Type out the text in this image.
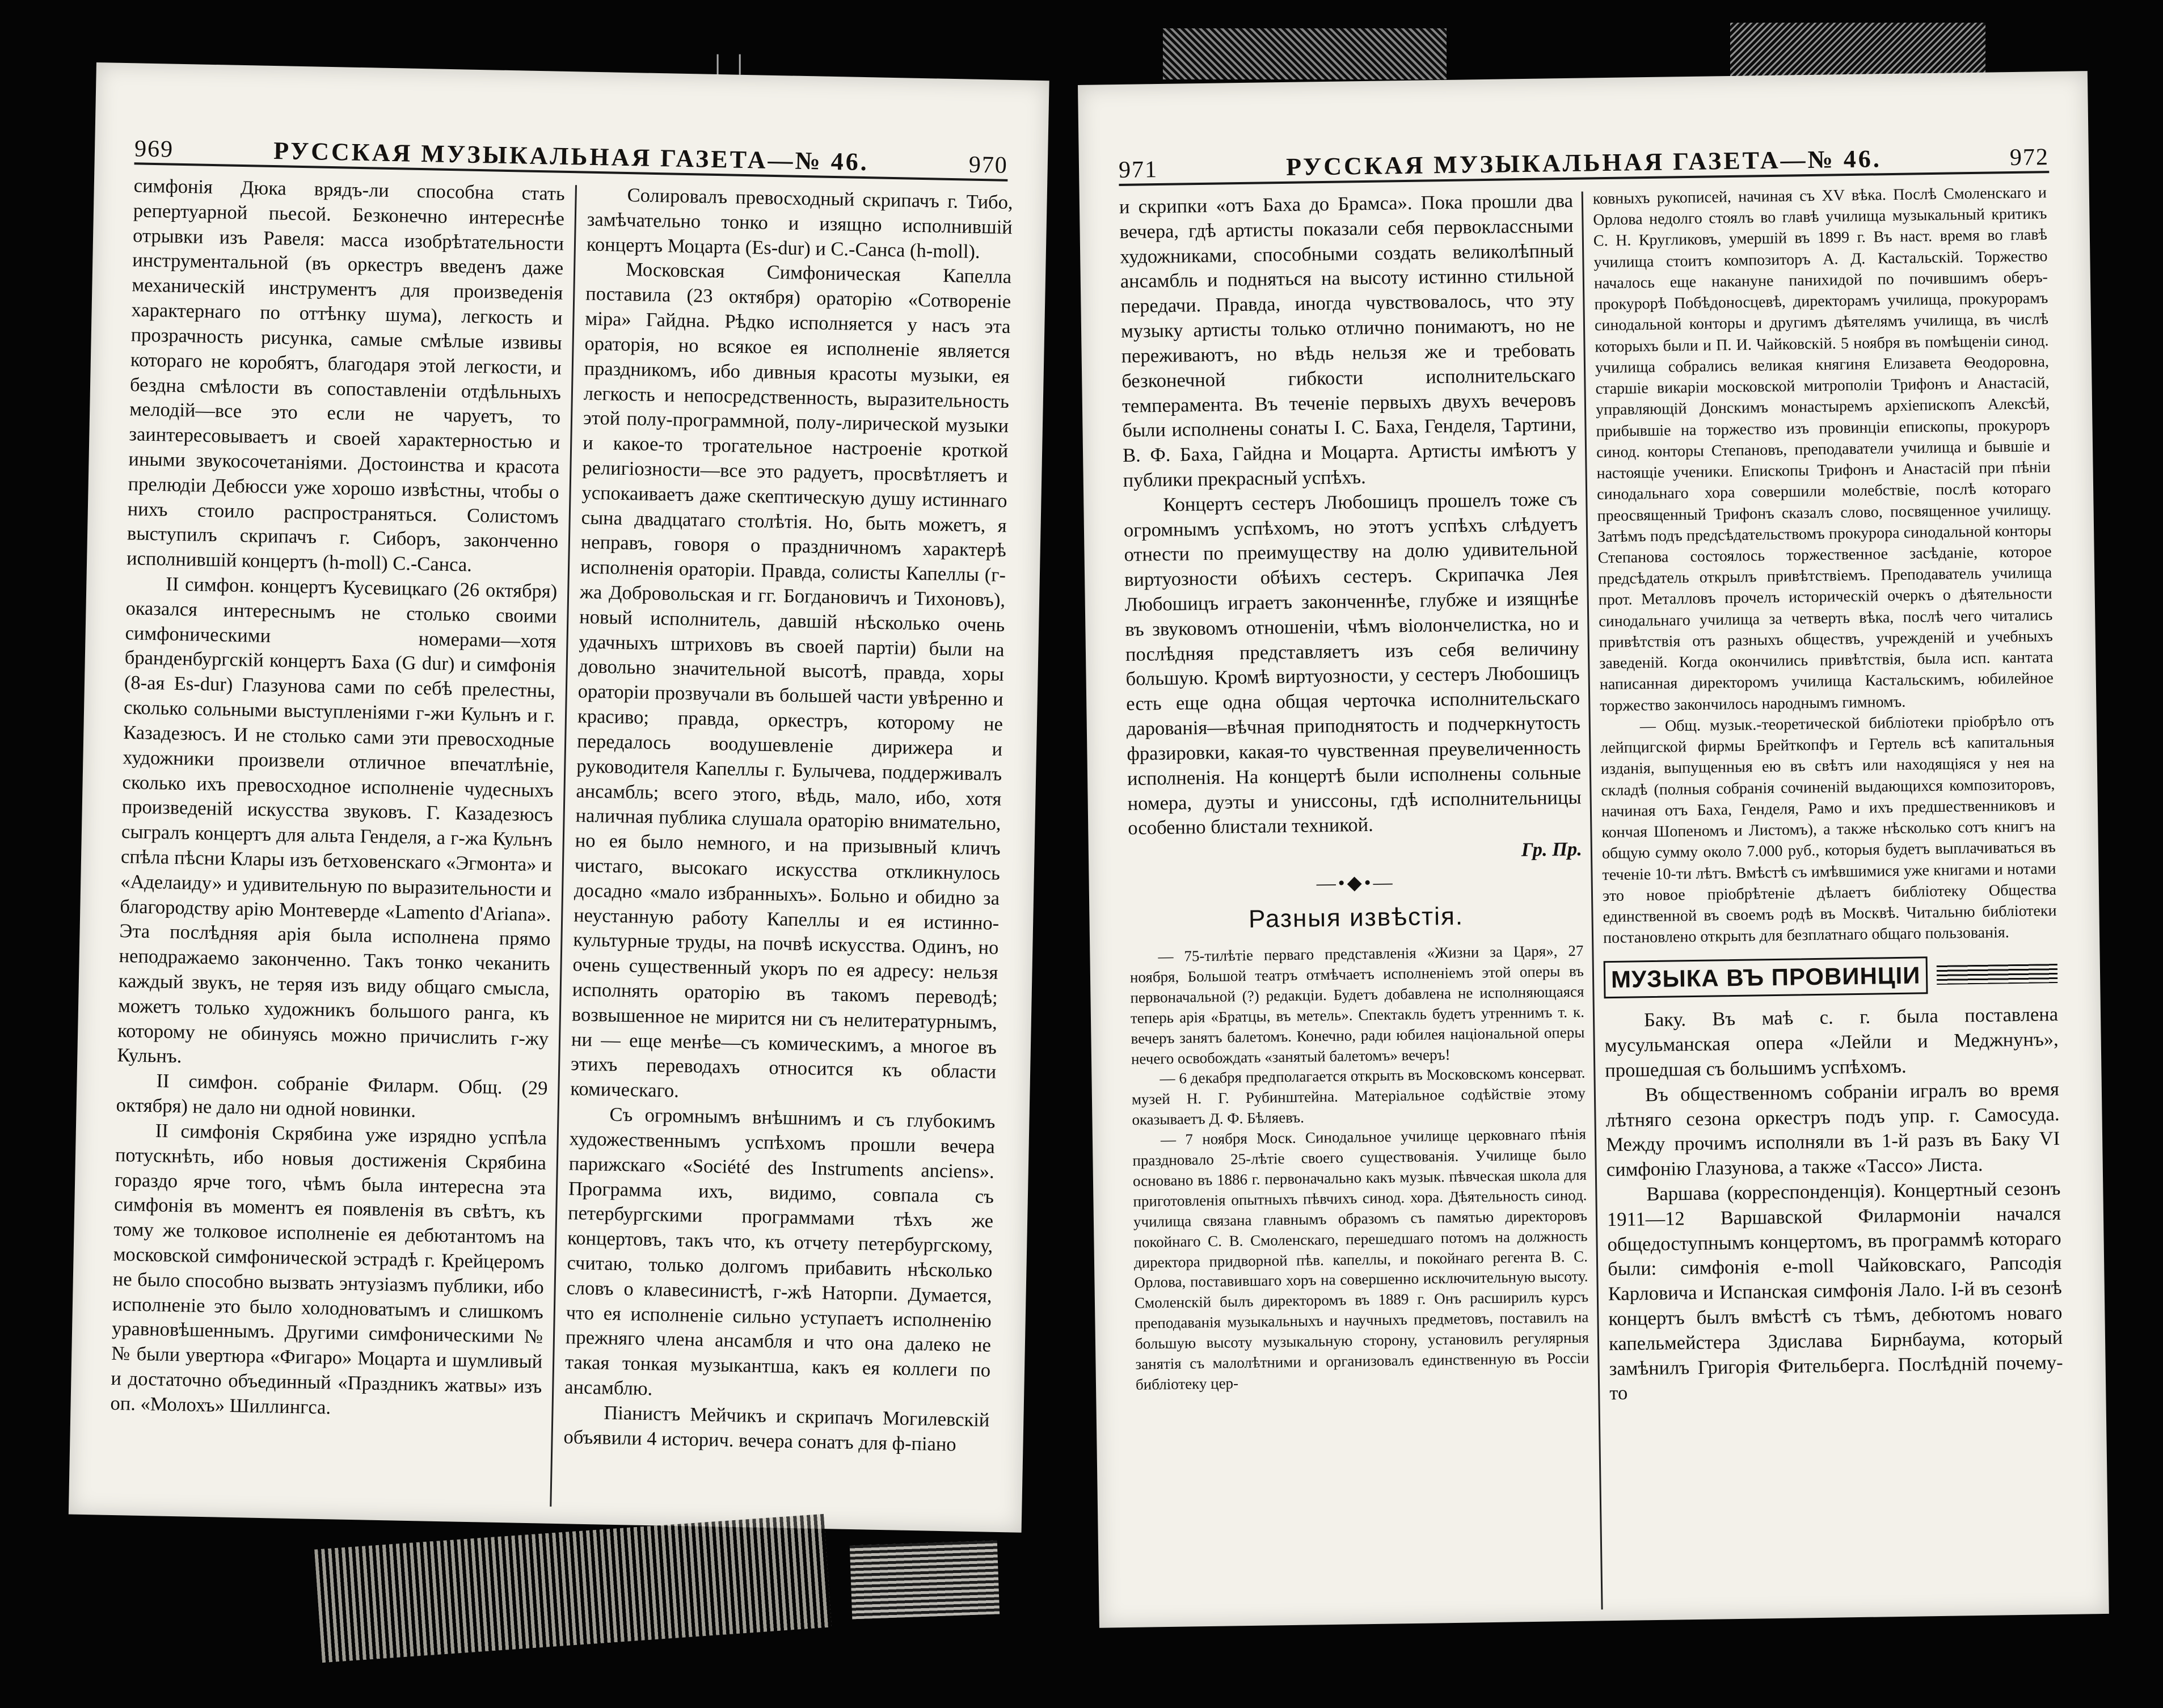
❘ ❘
969	РУССКАЯ МУЗЫКАЛЬНАЯ ГАЗЕТА—№ 46.	970

симфонія Дюка врядъ-ли способна стать репертуарной пьесой. Безконечно интереснѣе отрывки изъ Равеля: масса изобрѣтательности инструментальной (въ оркестръ введенъ даже механическій инструментъ для произведенія характернаго по оттѣнку шума), легкость и прозрачность рисунка, самые смѣлые извивы котораго не коробятъ, благодаря этой легкости, и бездна смѣлости въ сопоставленіи отдѣльныхъ мелодій—все это если не чаруетъ, то заинтересовываетъ и своей характерностью и иными звукосочетаніями. Достоинства и красота прелюдіи Дебюсси уже хорошо извѣстны, чтобы о нихъ стоило распространяться. Солистомъ выступилъ скрипачъ г. Сиборъ, законченно исполнившій концертъ (h-moll) С.-Санса.

II симфон. концертъ Кусевицкаго (26 октября) оказался интереснымъ не столько своими симфоническими номерами—хотя бранденбургскій концертъ Баха (G dur) и симфонія (8-ая Es-dur) Глазунова сами по себѣ прелестны, сколько сольными выступленіями г-жи Кульнъ и г. Казадезюсъ. И не столько сами эти превосходные художники произвели отличное впечатлѣніе, сколько ихъ превосходное исполненіе чудесныхъ произведеній искусства звуковъ. Г. Казадезюсъ сыгралъ концертъ для альта Генделя, а г-жа Кульнъ спѣла пѣсни Клары изъ бетховенскаго «Эгмонта» и «Аделаиду» и удивительную по выразительности и благородству арію Монтеверде «Lamento d'Ariana». Эта послѣдняя арія была исполнена прямо неподражаемо законченно. Такъ тонко чеканить каждый звукъ, не теряя изъ виду общаго смысла, можетъ только художникъ большого ранга, къ которому не обинуясь можно причислить г-жу Кульнъ.

II симфон. собраніе Филарм. Общ. (29 октября) не дало ни одной новинки.

II симфонія Скрябина уже изрядно успѣла потускнѣть, ибо новыя достиженія Скрябина гораздо ярче того, чѣмъ была интересна эта симфонія въ моментъ ея появленія въ свѣтъ, къ тому же толковое исполненіе ея дебютантомъ на московской симфонической эстрадѣ г. Крейцеромъ не было способно вызвать энтузіазмъ публики, ибо исполненіе это было холодноватымъ и слишкомъ уравновѣшеннымъ. Другими симфоническими №№ были увертюра «Фигаро» Моцарта и шумливый и достаточно объединный «Праздникъ жатвы» изъ оп. «Молохъ» Шиллингса.

Солировалъ превосходный скрипачъ г. Тибо, замѣчательно тонко и изящно исполнившій концертъ Моцарта (Es-dur) и С.-Санса (h-moll).

Московская Симфоническая Капелла поставила (23 октября) ораторію «Сотвореніе міра» Гайдна. Рѣдко исполняется у насъ эта ораторія, но всякое ея исполненіе является праздникомъ, ибо дивныя красоты музыки, ея легкость и непосредственность, выразительность этой полу-программной, полу-лирической музыки и какое-то трогательное настроеніе кроткой религіозности—все это радуетъ, просвѣтляетъ и успокаиваетъ даже скептическую душу истиннаго сына двадцатаго столѣтія. Но, быть можетъ, я неправъ, говоря о праздничномъ характерѣ исполненія ораторіи. Правда, солисты Капеллы (г-жа Добровольская и гг. Богдановичъ и Тихоновъ), новый исполнитель, давшій нѣсколько очень удачныхъ штриховъ въ своей партіи) были на довольно значительной высотѣ, правда, хоры ораторіи прозвучали въ большей части увѣренно и красиво; правда, оркестръ, которому не передалось воодушевленіе дирижера и руководителя Капеллы г. Булычева, поддерживалъ ансамбль; всего этого, вѣдь, мало, ибо, хотя наличная публика слушала ораторію внимательно, но ея было немного, и на призывный кличъ чистаго, высокаго искусства откликнулось досадно «мало избранныхъ». Больно и обидно за неустанную работу Капеллы и ея истинно-культурные труды, на почвѣ искусства. Одинъ, но очень существенный укоръ по ея адресу: нельзя исполнять ораторію въ такомъ переводѣ; возвышенное не мирится ни съ нелитературнымъ, ни — еще менѣе—съ комическимъ, а многое въ этихъ переводахъ относится къ области комическаго.

Съ огромнымъ внѣшнимъ и съ глубокимъ художественнымъ успѣхомъ прошли вечера парижскаго «Société des Instruments anciens». Программа ихъ, видимо, совпала съ петербургскими программами тѣхъ же концертовъ, такъ что, къ отчету петербургскому, считаю, только долгомъ прибавить нѣсколько словъ о клавесинистѣ, г-жѣ Наторпи. Думается, что ея исполненіе сильно уступаетъ исполненію прежняго члена ансамбля и что она далеко не такая тонкая музыкантша, какъ ея коллеги по ансамблю.

Піанистъ Мейчикъ и скрипачъ Могилевскій объявили 4 историч. вечера сонатъ для ф-піано

971	РУССКАЯ МУЗЫКАЛЬНАЯ ГАЗЕТА—№ 46.	972

и скрипки «отъ Баха до Брамса». Пока прошли два вечера, гдѣ артисты показали себя первоклассными художниками, способными создать великолѣпный ансамбль и подняться на высоту истинно стильной передачи. Правда, иногда чувствовалось, что эту музыку артисты только отлично понимаютъ, но не переживаютъ, но вѣдь нельзя же и требовать безконечной гибкости исполнительскаго темперамента. Въ теченіе первыхъ двухъ вечеровъ были исполнены сонаты І. С. Баха, Генделя, Тартини, В. Ф. Баха, Гайдна и Моцарта. Артисты имѣютъ у публики прекрасный успѣхъ.

Концертъ сестеръ Любошицъ прошелъ тоже съ огромнымъ успѣхомъ, но этотъ успѣхъ слѣдуетъ отнести по преимуществу на долю удивительной виртуозности обѣихъ сестеръ. Скрипачка Лея Любошицъ играетъ законченнѣе, глубже и изящнѣе въ звуковомъ отношеніи, чѣмъ віолончелистка, но и послѣдняя представляетъ изъ себя величину большую. Кромѣ виртуозности, у сестеръ Любошицъ есть еще одна общая черточка исполнительскаго дарованія—вѣчная приподнятость и подчеркнутость фразировки, какая-то чувственная преувеличенность исполненія. На концертѣ были исполнены сольные номера, дуэты и униссоны, гдѣ исполнительницы особенно блистали техникой.

Гр. Пр.
—•◆•—
Разныя извѣстія.

— 75-тилѣтіе перваго представленія «Жизни за Царя», 27 ноября, Большой театръ отмѣчаетъ исполненіемъ этой оперы въ первоначальной (?) редакціи. Будетъ добавлена не исполняющаяся теперь арія «Братцы, въ метель». Спектакль будетъ утреннимъ т. к. вечеръ занятъ балетомъ. Конечно, ради юбилея національной оперы нечего освобождать «занятый балетомъ» вечеръ!

— 6 декабря предполагается открыть въ Московскомъ консерват. музей Н. Г. Рубинштейна. Матеріальное содѣйствіе этому оказываетъ Д. Ф. Бѣляевъ.

— 7 ноября Моск. Синодальное училище церковнаго пѣнія праздновало 25-лѣтіе своего существованія. Училище было основано въ 1886 г. первоначально какъ музык. пѣвческая школа для приготовленія опытныхъ пѣвчихъ синод. хора. Дѣятельность синод. училища связана главнымъ образомъ съ памятью директоровъ покойнаго С. В. Смоленскаго, перешедшаго потомъ на должность директора придворной пѣв. капеллы, и покойнаго регента В. С. Орлова, поставившаго хоръ на совершенно исключительную высоту. Смоленскій былъ директоромъ въ 1889 г. Онъ расширилъ курсъ преподаванія музыкальныхъ и научныхъ предметовъ, поставилъ на большую высоту музыкальную сторону, установилъ регулярныя занятія съ малолѣтними и организовалъ единственную въ Россіи библіотеку цер-

ковныхъ рукописей, начиная съ XV вѣка. Послѣ Смоленскаго и Орлова недолго стоялъ во главѣ училища музыкальный критикъ С. Н. Кругликовъ, умершій въ 1899 г. Въ наст. время во главѣ училища стоитъ композиторъ А. Д. Кастальскій. Торжество началось еще накануне панихидой по почившимъ оберъ-прокурорѣ Побѣдоносцевѣ, директорамъ училища, прокурорамъ синодальной конторы и другимъ дѣятелямъ училища, въ числѣ которыхъ были и П. И. Чайковскій. 5 ноября въ помѣщеніи синод. училища собрались великая княгиня Елизавета Ѳеодоровна, старшіе викаріи московской митрополіи Трифонъ и Анастасій, управляющій Донскимъ монастыремъ архіепископъ Алексѣй, прибывшіе на торжество изъ провинціи епископы, прокуроръ синод. конторы Степановъ, преподаватели училища и бывшіе и настоящіе ученики. Епископы Трифонъ и Анастасій при пѣніи синодальнаго хора совершили молебствіе, послѣ котораго преосвященный Трифонъ сказалъ слово, посвященное училищу. Затѣмъ подъ предсѣдательствомъ прокурора синодальной конторы Степанова состоялось торжественное засѣданіе, которое предсѣдатель открылъ привѣтствіемъ. Преподаватель училища прот. Металловъ прочелъ историческій очеркъ о дѣятельности синодальнаго училища за четверть вѣка, послѣ чего читались привѣтствія отъ разныхъ обществъ, учрежденій и учебныхъ заведеній. Когда окончились привѣтствія, была исп. кантата написанная директоромъ училища Кастальскимъ, юбилейное торжество закончилось народнымъ гимномъ.

— Общ. музык.-теоретической библіотеки пріобрѣло отъ лейпцигской фирмы Брейткопфъ и Гертель всѣ капитальныя изданія, выпущенныя ею въ свѣтъ или находящіяся у нея на складѣ (полныя собранія сочиненій выдающихся композиторовъ, начиная отъ Баха, Генделя, Рамо и ихъ предшественниковъ и кончая Шопеномъ и Листомъ), а также нѣсколько сотъ книгъ на общую сумму около 7.000 руб., которыя будетъ выплачиваться въ теченіе 10-ти лѣтъ. Вмѣстѣ съ имѣвшимися уже книгами и нотами это новое пріобрѣтеніе дѣлаетъ библіотеку Общества единственной въ своемъ родѣ въ Москвѣ. Читальню библіотеки постановлено открыть для безплатнаго общаго пользованія.

МУЗЫКА ВЪ ПРОВИНЦІИ

Баку. Въ маѣ с. г. была поставлена мусульманская опера «Лейли и Меджнунъ», прошедшая съ большимъ успѣхомъ.

Въ общественномъ собраніи игралъ во время лѣтняго сезона оркестръ подъ упр. г. Самосуда. Между прочимъ исполняли въ 1-й разъ въ Баку VI симфонію Глазунова, а также «Тассо» Листа.

Варшава (корреспонденція). Концертный сезонъ 1911—12 Варшавской Филармоніи начался общедоступнымъ концертомъ, въ программѣ котораго были: симфонія e-moll Чайковскаго, Рапсодія Карловича и Испанская симфонія Лало. I-й въ сезонѣ концертъ былъ вмѣстѣ съ тѣмъ, дебютомъ новаго капельмейстера Здислава Бирнбаума, который замѣнилъ Григорія Фительберга. Послѣдній почему-то
